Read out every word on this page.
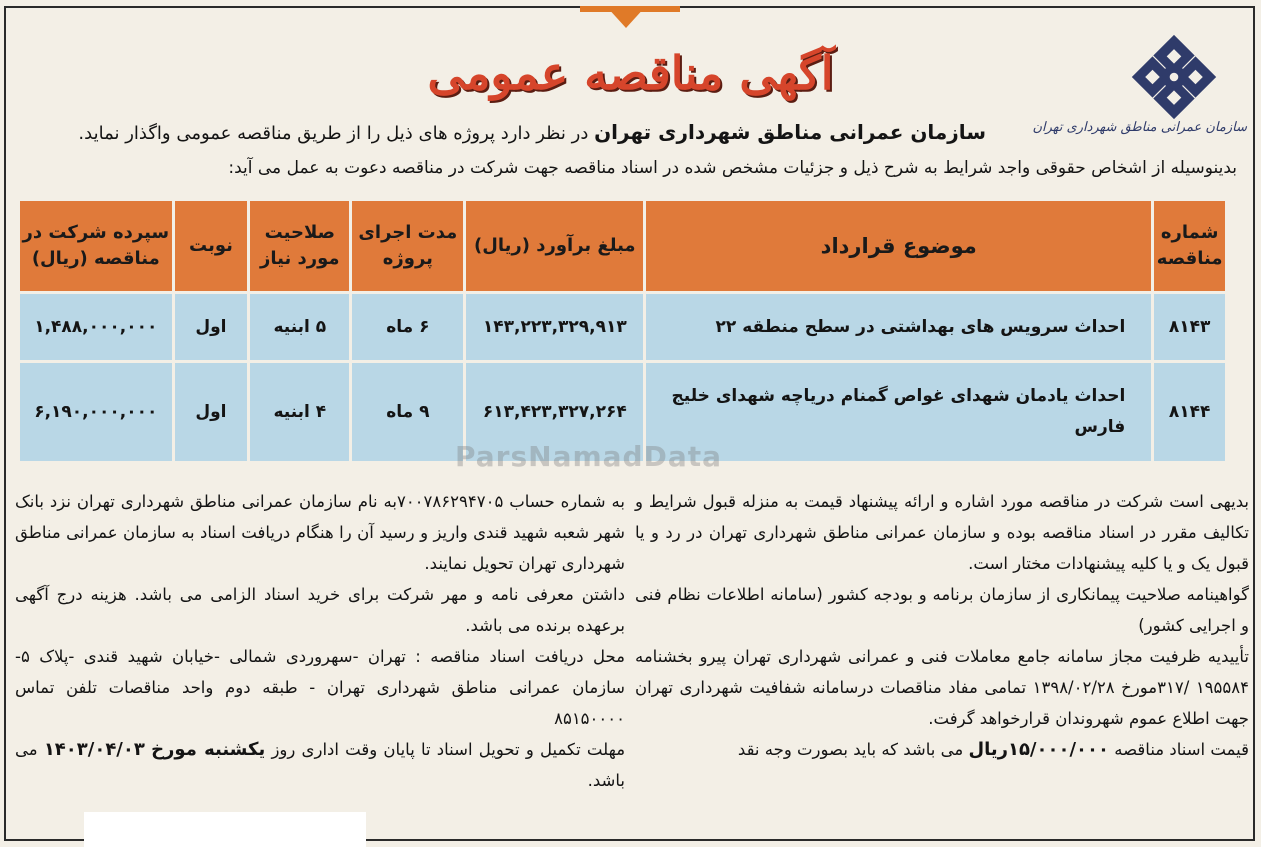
سازمان عمرانی مناطق شهرداری تهران
آگهی مناقصه عمومی
سازمان عمرانی مناطق شهرداری تهران در نظر دارد پروژه های ذیل را از طریق مناقصه عمومی واگذار نماید.
بدینوسیله از اشخاص حقوقی واجد شرایط به شرح ذیل و جزئیات مشخص شده در اسناد مناقصه جهت شرکت در مناقصه دعوت به عمل می آید:
شماره مناقصه	موضوع قرارداد	مبلغ برآورد (ریال)	مدت اجرای پروژه	صلاحیت مورد نیاز	نوبت	سپرده شرکت در مناقصه (ریال)
۸۱۴۳	احداث سرویس های بهداشتی در سطح منطقه ۲۲	۱۴۳,۲۲۳,۳۲۹,۹۱۳	۶ ماه	۵ ابنیه	اول	۱,۴۸۸,۰۰۰,۰۰۰
۸۱۴۴	احداث یادمان شهدای غواص گمنام دریاچه شهدای خلیج فارس	۶۱۳,۴۲۳,۳۲۷,۲۶۴	۹ ماه	۴ ابنیه	اول	۶,۱۹۰,۰۰۰,۰۰۰
ParsNamadData

بدیهی است شرکت در مناقصه مورد اشاره و ارائه پیشنهاد قیمت به منزله قبول شرایط و تکالیف مقرر در اسناد مناقصه بوده و سازمان عمرانی مناطق شهرداری تهران در رد و یا قبول یک و یا کلیه پیشنهادات مختار است.

گواهینامه صلاحیت پیمانکاری از سازمان برنامه و بودجه کشور (سامانه اطلاعات نظام فنی و اجرایی کشور)

تأییدیه ظرفیت مجاز سامانه جامع معاملات فنی و عمرانی شهرداری تهران پیرو بخشنامه ۱۹۵۵۸۴ /۳۱۷مورخ ۱۳۹۸/۰۲/۲۸ تمامی مفاد مناقصات درسامانه شفافیت شهرداری تهران جهت اطلاع عموم شهروندان قرارخواهد گرفت.

قیمت اسناد مناقصه ۱۵/۰۰۰/۰۰۰ریال می باشد که باید بصورت وجه نقد

به شماره حساب ۷۰۰۷۸۶۲۹۴۷۰۵به نام سازمان عمرانی مناطق شهرداری تهران نزد بانک شهر شعبه شهید قندی واریز و رسید آن را هنگام دریافت اسناد به سازمان عمرانی مناطق شهرداری تهران تحویل نمایند.

داشتن معرفی نامه و مهر شرکت برای خرید اسناد الزامی می باشد. هزینه درج آگهی برعهده برنده می باشد.

محل دریافت اسناد مناقصه : تهران -سهروردی شمالی -خیابان شهید قندی -پلاک ۵- سازمان عمرانی مناطق شهرداری تهران - طبقه دوم واحد مناقصات تلفن تماس ۸۵۱۵۰۰۰۰

مهلت تکمیل و تحویل اسناد تا پایان وقت اداری روز یکشنبه مورخ ۱۴۰۳/۰۴/۰۳ می باشد.
